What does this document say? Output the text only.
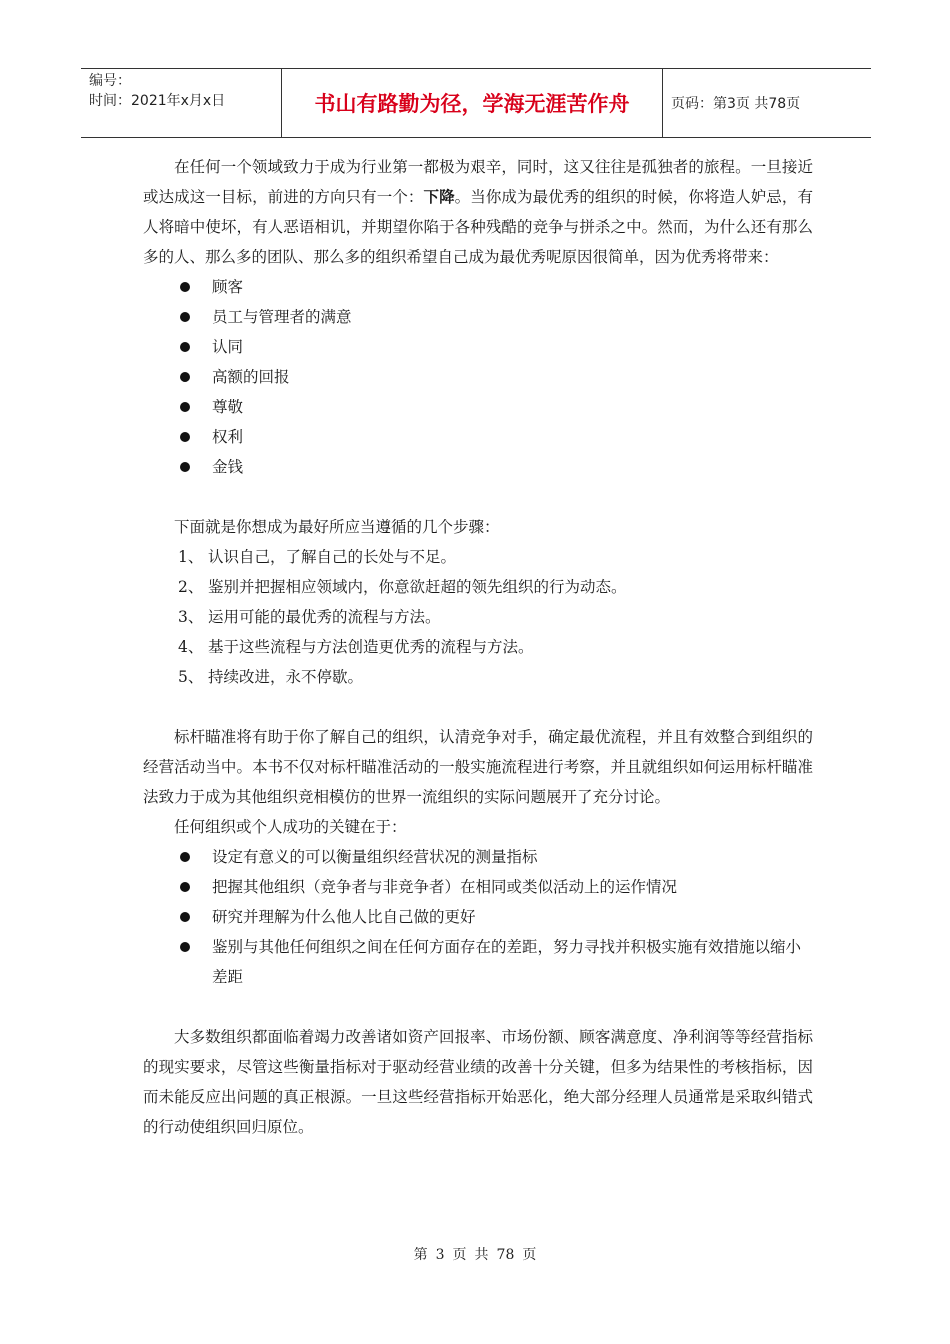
编号：
时间：2021年x月x日	书山有路勤为径，学海无涯苦作舟	页码：第3页 共78页

在任何一个领域致力于成为行业第一都极为艰辛，同时，这又往往是孤独者的旅程。一旦接近或达成这一目标，前进的方向只有一个：下降。当你成为最优秀的组织的时候，你将造人妒忌，有人将暗中使坏，有人恶语相讥，并期望你陷于各种残酷的竞争与拼杀之中。然而，为什么还有那么多的人、那么多的团队、那么多的组织希望自己成为最优秀呢原因很简单，因为优秀将带来：

顾客
员工与管理者的满意
认同
高额的回报
尊敬
权利
金钱

下面就是你想成为最好所应当遵循的几个步骤：

1、 认识自己，了解自己的长处与不足。
2、 鉴别并把握相应领域内，你意欲赶超的领先组织的行为动态。
3、 运用可能的最优秀的流程与方法。
4、 基于这些流程与方法创造更优秀的流程与方法。
5、 持续改进，永不停歇。

标杆瞄准将有助于你了解自己的组织，认清竞争对手，确定最优流程，并且有效整合到组织的经营活动当中。本书不仅对标杆瞄准活动的一般实施流程进行考察，并且就组织如何运用标杆瞄准法致力于成为其他组织竞相模仿的世界一流组织的实际问题展开了充分讨论。

任何组织或个人成功的关键在于：

设定有意义的可以衡量组织经营状况的测量指标
把握其他组织（竞争者与非竞争者）在相同或类似活动上的运作情况
研究并理解为什么他人比自己做的更好
鉴别与其他任何组织之间在任何方面存在的差距，努力寻找并积极实施有效措施以缩小差距

大多数组织都面临着竭力改善诸如资产回报率、市场份额、顾客满意度、净利润等等经营指标的现实要求，尽管这些衡量指标对于驱动经营业绩的改善十分关键，但多为结果性的考核指标，因而未能反应出问题的真正根源。一旦这些经营指标开始恶化，绝大部分经理人员通常是采取纠错式的行动使组织回归原位。

第 3 页 共 78 页
